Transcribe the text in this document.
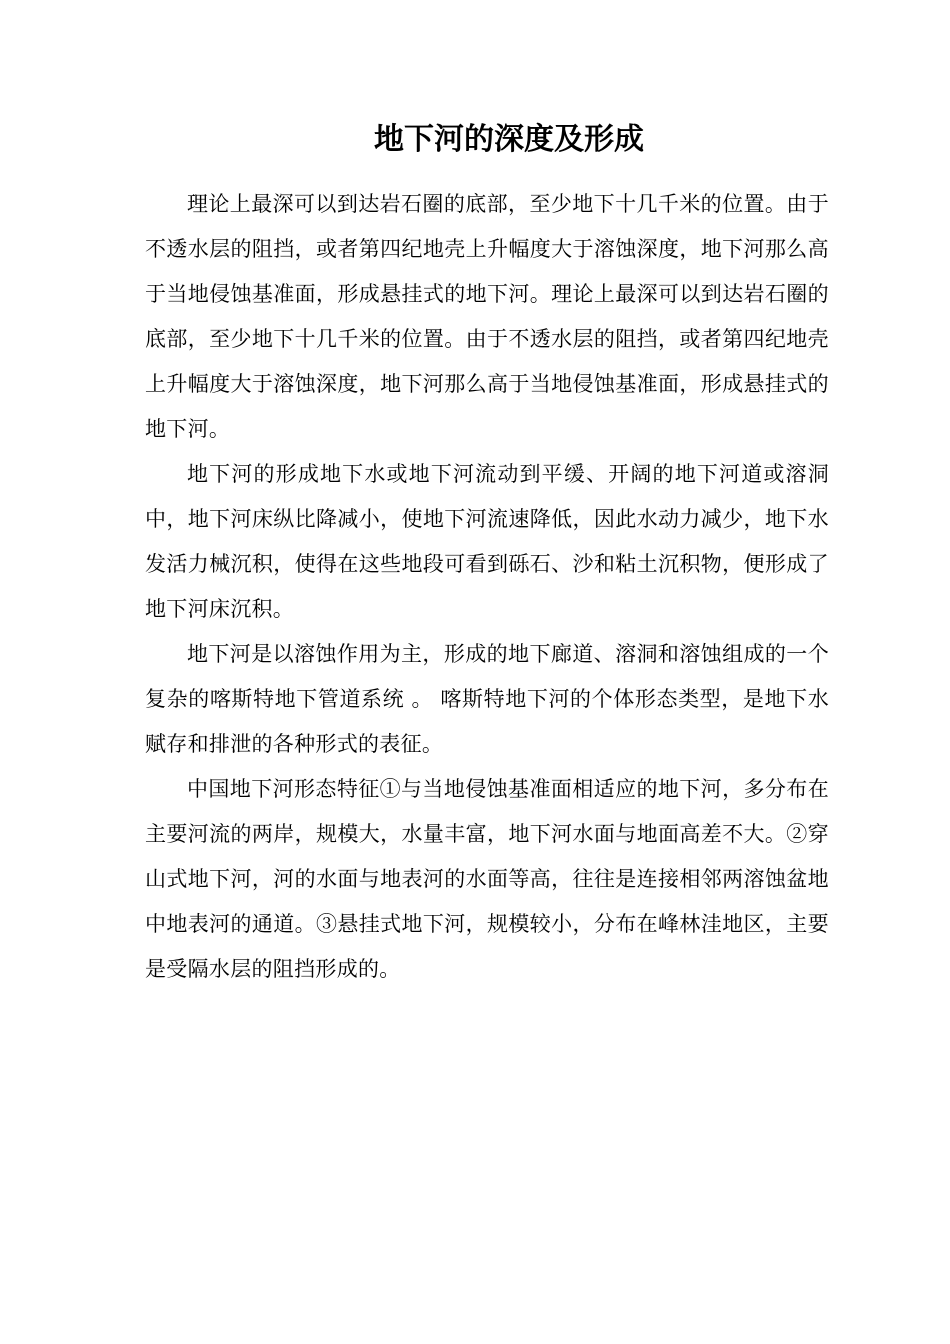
地下河的深度及形成

理论上最深可以到达岩石圈的底部，至少地下十几千米的位置。由于不透水层的阻挡，或者第四纪地壳上升幅度大于溶蚀深度，地下河那么高于当地侵蚀基准面，形成悬挂式的地下河。理论上最深可以到达岩石圈的底部，至少地下十几千米的位置。由于不透水层的阻挡，或者第四纪地壳上升幅度大于溶蚀深度，地下河那么高于当地侵蚀基准面，形成悬挂式的地下河。

地下河的形成地下水或地下河流动到平缓、开阔的地下河道或溶洞中，地下河床纵比降减小，使地下河流速降低，因此水动力减少，地下水发活力械沉积，使得在这些地段可看到砾石、沙和粘土沉积物，便形成了地下河床沉积。

地下河是以溶蚀作用为主，形成的地下廊道、溶洞和溶蚀组成的一个复杂的喀斯特地下管道系统 。 喀斯特地下河的个体形态类型，是地下水赋存和排泄的各种形式的表征。

中国地下河形态特征①与当地侵蚀基准面相适应的地下河，多分布在主要河流的两岸，规模大，水量丰富，地下河水面与地面高差不大。②穿山式地下河，河的水面与地表河的水面等高，往往是连接相邻两溶蚀盆地中地表河的通道。③悬挂式地下河，规模较小，分布在峰林洼地区，主要是受隔水层的阻挡形成的。
